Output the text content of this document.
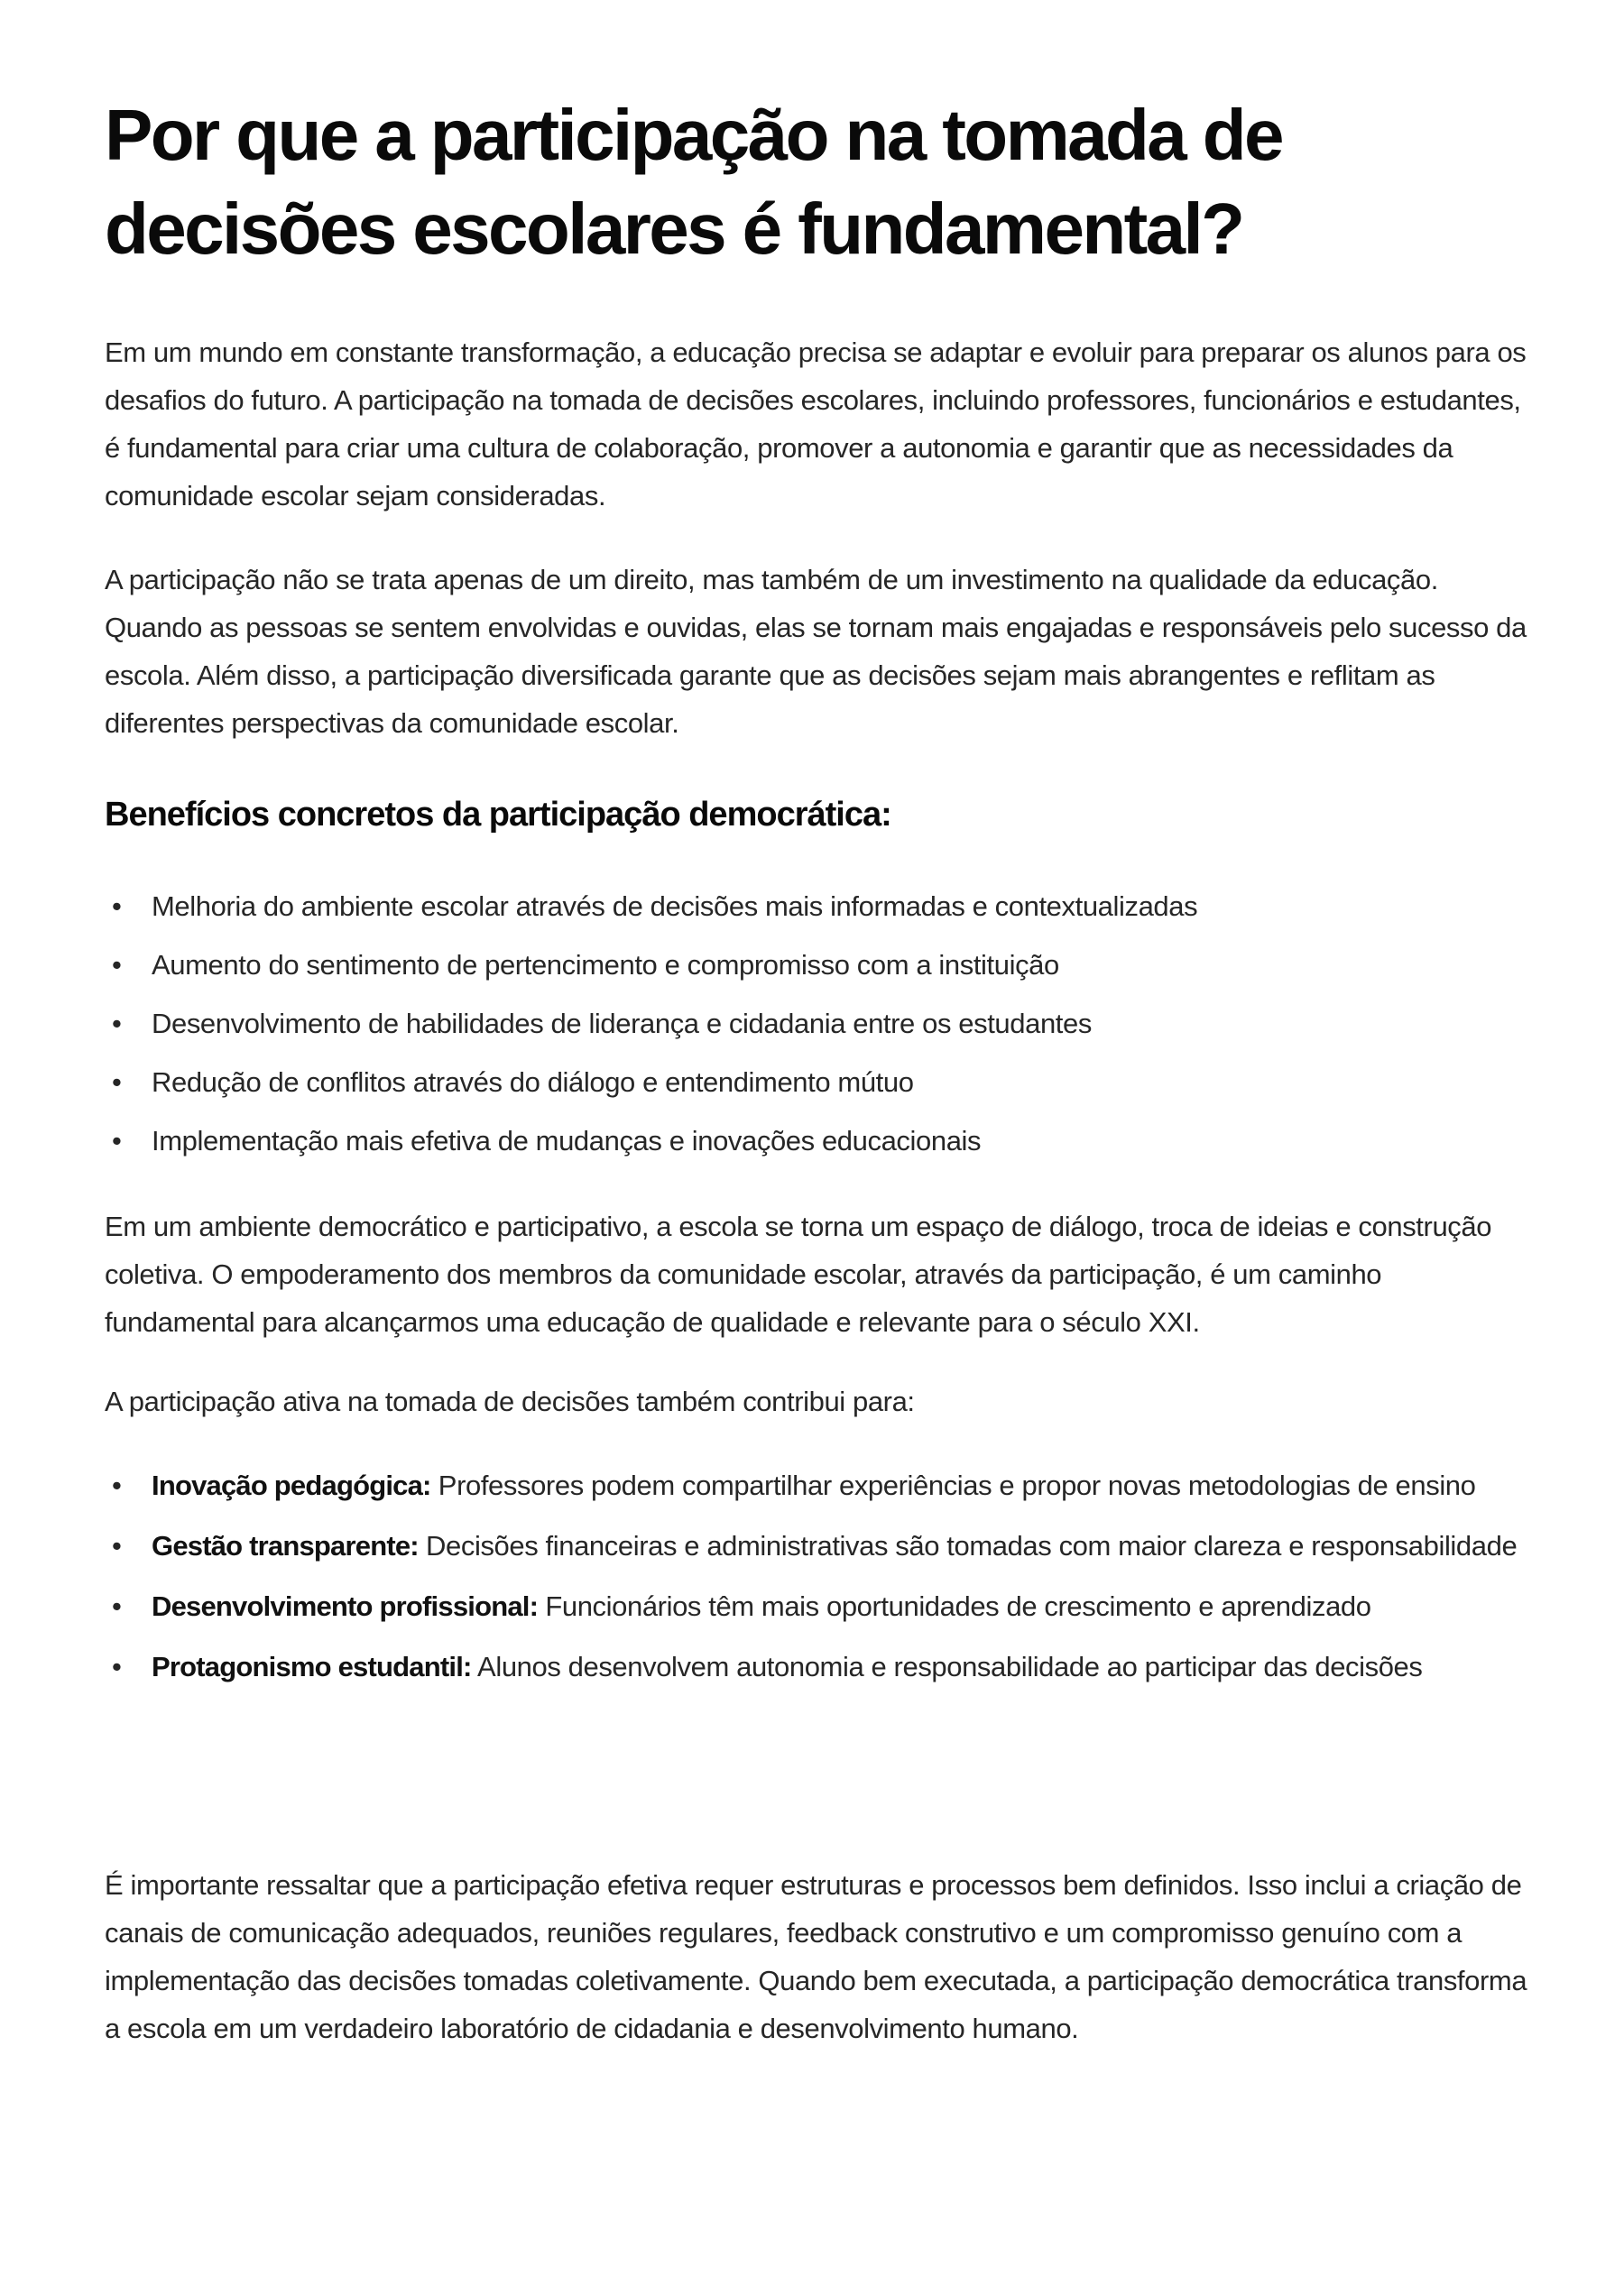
Por que a participação na tomada de decisões escolares é fundamental?

Em um mundo em constante transformação, a educação precisa se adaptar e evoluir para preparar os alunos para os desafios do futuro. A participação na tomada de decisões escolares, incluindo professores, funcionários e estudantes, é fundamental para criar uma cultura de colaboração, promover a autonomia e garantir que as necessidades da comunidade escolar sejam consideradas.

A participação não se trata apenas de um direito, mas também de um investimento na qualidade da educação. Quando as pessoas se sentem envolvidas e ouvidas, elas se tornam mais engajadas e responsáveis pelo sucesso da escola. Além disso, a participação diversificada garante que as decisões sejam mais abrangentes e reflitam as diferentes perspectivas da comunidade escolar.

Benefícios concretos da participação democrática:
• Melhoria do ambiente escolar através de decisões mais informadas e contextualizadas
• Aumento do sentimento de pertencimento e compromisso com a instituição
• Desenvolvimento de habilidades de liderança e cidadania entre os estudantes
• Redução de conflitos através do diálogo e entendimento mútuo
• Implementação mais efetiva de mudanças e inovações educacionais

Em um ambiente democrático e participativo, a escola se torna um espaço de diálogo, troca de ideias e construção coletiva. O empoderamento dos membros da comunidade escolar, através da participação, é um caminho fundamental para alcançarmos uma educação de qualidade e relevante para o século XXI.

A participação ativa na tomada de decisões também contribui para:

• Inovação pedagógica: Professores podem compartilhar experiências e propor novas metodologias de ensino
• Gestão transparente: Decisões financeiras e administrativas são tomadas com maior clareza e responsabilidade
• Desenvolvimento profissional: Funcionários têm mais oportunidades de crescimento e aprendizado
• Protagonismo estudantil: Alunos desenvolvem autonomia e responsabilidade ao participar das decisões

É importante ressaltar que a participação efetiva requer estruturas e processos bem definidos. Isso inclui a criação de canais de comunicação adequados, reuniões regulares, feedback construtivo e um compromisso genuíno com a implementação das decisões tomadas coletivamente. Quando bem executada, a participação democrática transforma a escola em um verdadeiro laboratório de cidadania e desenvolvimento humano.
